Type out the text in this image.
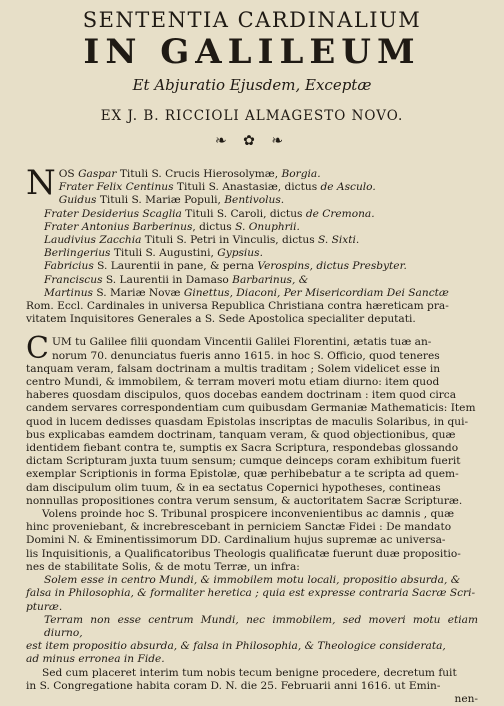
SENTENTIA CARDINALIUM
IN GALILEUM
Et Abjuratio Ejusdem, Exceptæ
EX J. B. RICCIOLI ALMAGESTO NOVO.
❧ ✿ ❧
N OS Gaspar Tituli S. Crucis Hierosolymæ, Borgia.
Frater Felix Centinus Tituli S. Anastasiæ, dictus de Asculo.
Guidus Tituli S. Mariæ Populi, Bentivolus.
Frater Desiderius Scaglia Tituli S. Caroli, dictus de Cremona.
Frater Antonius Barberinus, dictus S. Onuphrii.
Laudivius Zacchia Tituli S. Petri in Vinculis, dictus S. Sixti.
Berlingerius Tituli S. Augustini, Gypsius.
Fabricius S. Laurentii in pane, & perna Verospins, dictus Presbyter.
Franciscus S. Laurentii in Damaso Barbarinus, &
Martinus S. Mariæ Novæ Ginettus, Diaconi, Per Misericordiam Dei Sanctæ
Rom. Eccl. Cardinales in universa Republica Christiana contra hæreticam pra-
vitatem Inquisitores Generales a S. Sede Apostolica specialiter deputati.
C UM tu Galilee filii quondam Vincentii Galilei Florentini, ætatis tuæ an-
norum 70. denunciatus fueris anno 1615. in hoc S. Officio, quod teneres
tanquam veram, falsam doctrinam a multis traditam ; Solem videlicet esse in
centro Mundi, & immobilem, & terram moveri motu etiam diurno: item quod
haberes quosdam discipulos, quos docebas eandem doctrinam : item quod circa
candem servares correspondentiam cum quibusdam Germaniæ Mathematicis: Item
quod in lucem dedisses quasdam Epistolas inscriptas de maculis Solaribus, in qui-
bus explicabas eamdem doctrinam, tanquam veram, & quod objectionibus, quæ
identidem fiebant contra te, sumptis ex Sacra Scriptura, respondebas glossando
dictam Scripturam juxta tuum sensum; cumque deinceps coram exhibitum fuerit
exemplar Scriptionis in forma Epistolæ, quæ perhibebatur a te scripta ad quem-
dam discipulum olim tuum, & in ea sectatus Copernici hypotheses, contineas
nonnullas propositiones contra verum sensum, & auctoritatem Sacræ Scripturæ.
Volens proinde hoc S. Tribunal prospicere inconvenientibus ac damnis , quæ
hinc proveniebant, & increbrescebant in perniciem Sanctæ Fidei : De mandato
Domini N. & Eminentissimorum DD. Cardinalium hujus supremæ ac universa-
lis Inquisitionis, a Qualificatoribus Theologis qualificatæ fuerunt duæ propositio-
nes de stabilitate Solis, & de motu Terræ, un infra:
Solem esse in centro Mundi, & immobilem motu locali, propositio absurda, &
falsa in Philosophia, & formaliter heretica ; quia est expresse contraria Sacræ Scri-
pturæ.
Terram non esse centrum Mundi, nec immobilem, sed moveri motu etiam diurno,
est item propositio absurda, & falsa in Philosophia, & Theologice considerata,
ad minus erronea in Fide.
Sed cum placeret interim tum nobis tecum benigne procedere, decretum fuit
in S. Congregatione habita coram D. N. die 25. Februarii anni 1616. ut Emin-
nen-
